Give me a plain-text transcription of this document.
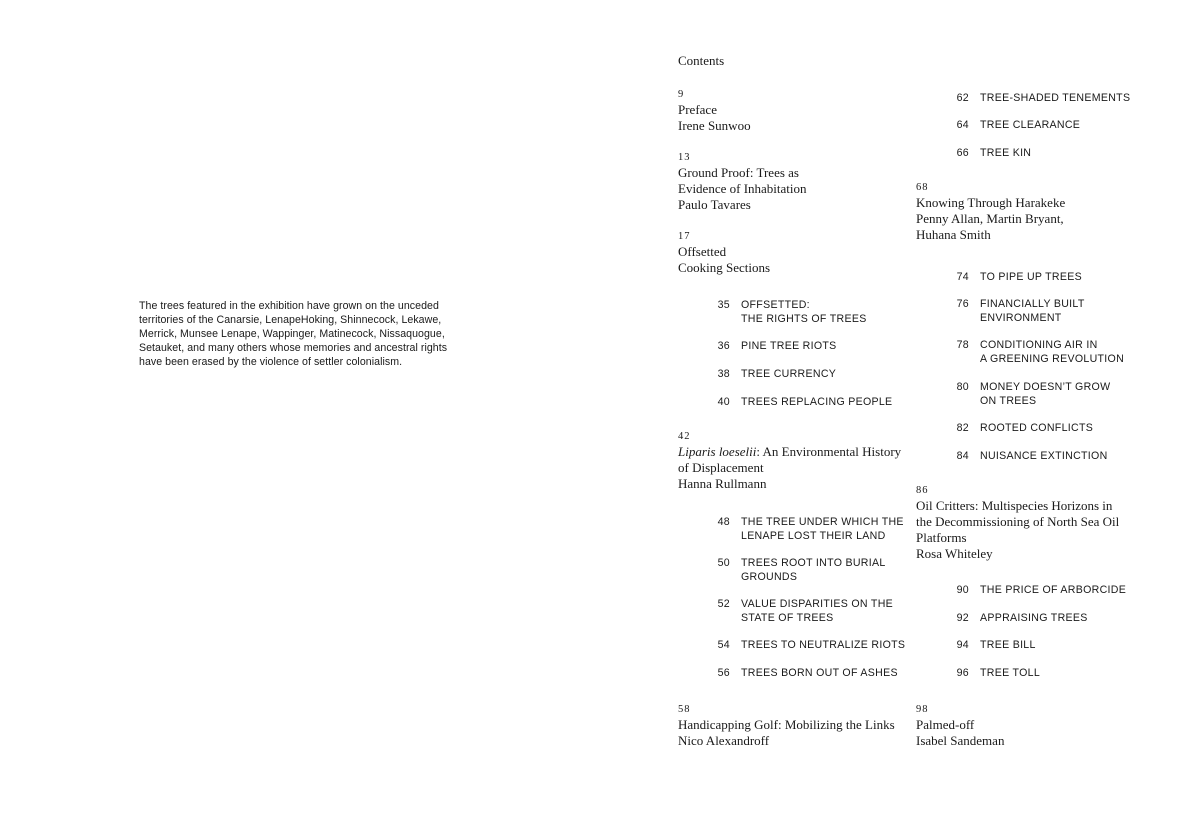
The trees featured in the exhibition have grown on the unceded territories of the Canarsie, LenapeHoking, Shinnecock, Lekawe, Merrick, Munsee Lenape, Wappinger, Matinecock, Nissaquogue, Setauket, and many others whose memories and ancestral rights have been erased by the violence of settler colonialism.

Contents
9
Preface
Irene Sunwoo
13
Ground Proof: Trees as
Evidence of Inhabitation
Paulo Tavares
17
Offsetted
Cooking Sections
35 OFFSETTED:
THE RIGHTS OF TREES
36 PINE TREE RIOTS
38 TREE CURRENCY
40 TREES REPLACING PEOPLE
42
Liparis loeselii: An Environmental History
of Displacement
Hanna Rullmann
48 THE TREE UNDER WHICH THE
LENAPE LOST THEIR LAND
50 TREES ROOT INTO BURIAL
GROUNDS
52 VALUE DISPARITIES ON THE
STATE OF TREES
54 TREES TO NEUTRALIZE RIOTS
56 TREES BORN OUT OF ASHES
58
Handicapping Golf: Mobilizing the Links
Nico Alexandroff
62 TREE-SHADED TENEMENTS
64 TREE CLEARANCE
66 TREE KIN
68
Knowing Through Harakeke
Penny Allan, Martin Bryant,
Huhana Smith
74 TO PIPE UP TREES
76 FINANCIALLY BUILT
ENVIRONMENT
78 CONDITIONING AIR IN
A GREENING REVOLUTION
80 MONEY DOESN’T GROW
ON TREES
82 ROOTED CONFLICTS
84 NUISANCE EXTINCTION
86
Oil Critters: Multispecies Horizons in
the Decommissioning of North Sea Oil
Platforms
Rosa Whiteley
90 THE PRICE OF ARBORCIDE
92 APPRAISING TREES
94 TREE BILL
96 TREE TOLL
98
Palmed-off
Isabel Sandeman
